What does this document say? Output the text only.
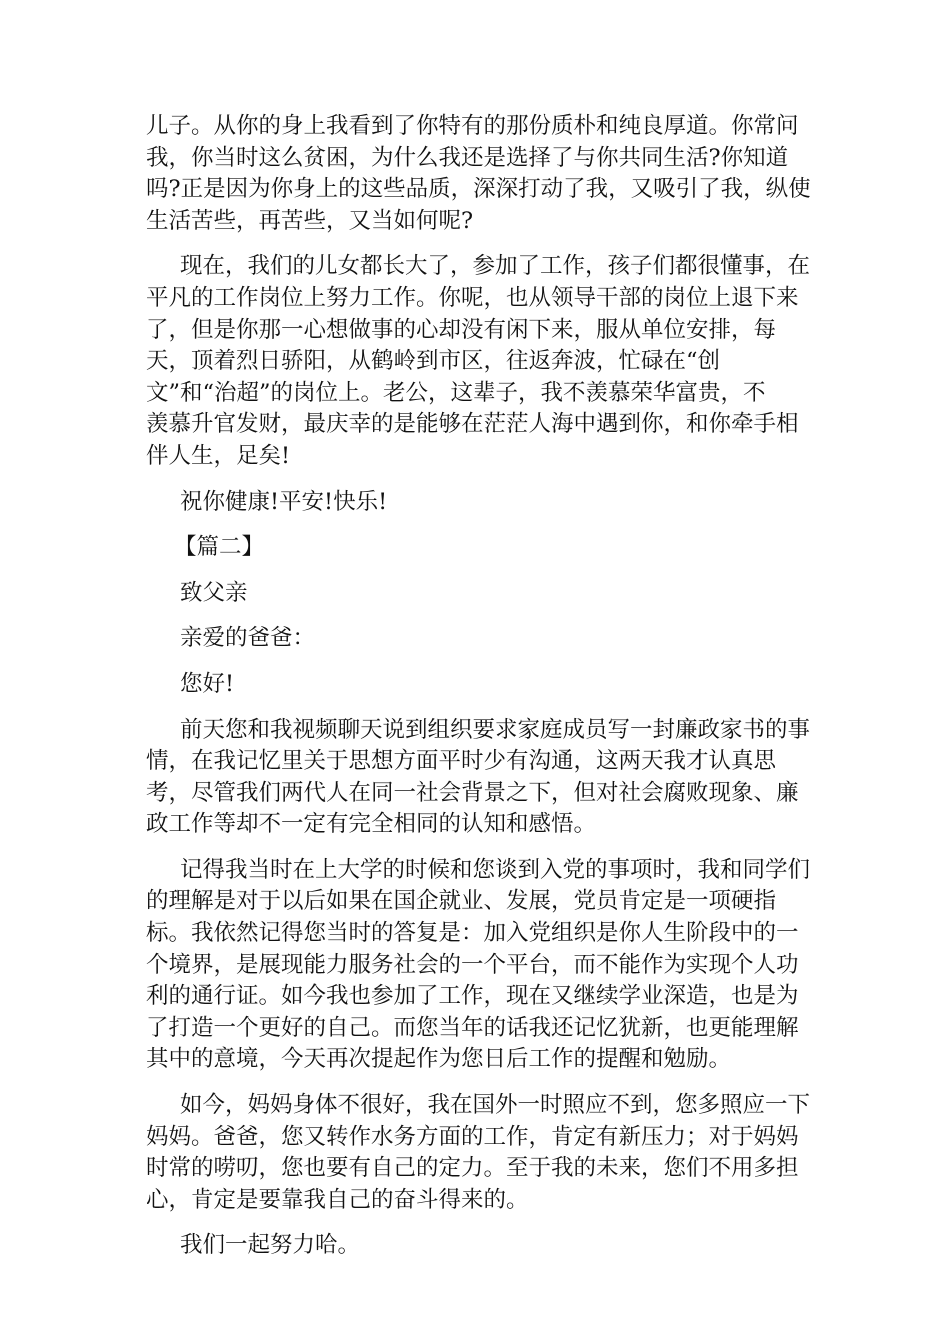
儿子。从你的身上我看到了你特有的那份质朴和纯良厚道。你常问
我，你当时这么贫困，为什么我还是选择了与你共同生活?你知道
吗?正是因为你身上的这些品质，深深打动了我，又吸引了我，纵使
生活苦些，再苦些，又当如何呢?
现在，我们的儿女都长大了，参加了工作，孩子们都很懂事，在
平凡的工作岗位上努力工作。你呢，也从领导干部的岗位上退下来
了，但是你那一心想做事的心却没有闲下来，服从单位安排，每
天，顶着烈日骄阳，从鹤岭到市区，往返奔波，忙碌在“创
文”和“治超”的岗位上。老公，这辈子，我不羡慕荣华富贵，不
羡慕升官发财，最庆幸的是能够在茫茫人海中遇到你，和你牵手相
伴人生，足矣!
祝你健康!平安!快乐!
【篇二】
致父亲
亲爱的爸爸：
您好!
前天您和我视频聊天说到组织要求家庭成员写一封廉政家书的事
情，在我记忆里关于思想方面平时少有沟通，这两天我才认真思
考，尽管我们两代人在同一社会背景之下，但对社会腐败现象、廉
政工作等却不一定有完全相同的认知和感悟。
记得我当时在上大学的时候和您谈到入党的事项时，我和同学们
的理解是对于以后如果在国企就业、发展，党员肯定是一项硬指
标。我依然记得您当时的答复是：加入党组织是你人生阶段中的一
个境界，是展现能力服务社会的一个平台，而不能作为实现个人功
利的通行证。如今我也参加了工作，现在又继续学业深造，也是为
了打造一个更好的自己。而您当年的话我还记忆犹新，也更能理解
其中的意境，今天再次提起作为您日后工作的提醒和勉励。
如今，妈妈身体不很好，我在国外一时照应不到，您多照应一下
妈妈。爸爸，您又转作水务方面的工作，肯定有新压力；对于妈妈
时常的唠叨，您也要有自己的定力。至于我的未来，您们不用多担
心，肯定是要靠我自己的奋斗得来的。
我们一起努力哈。
